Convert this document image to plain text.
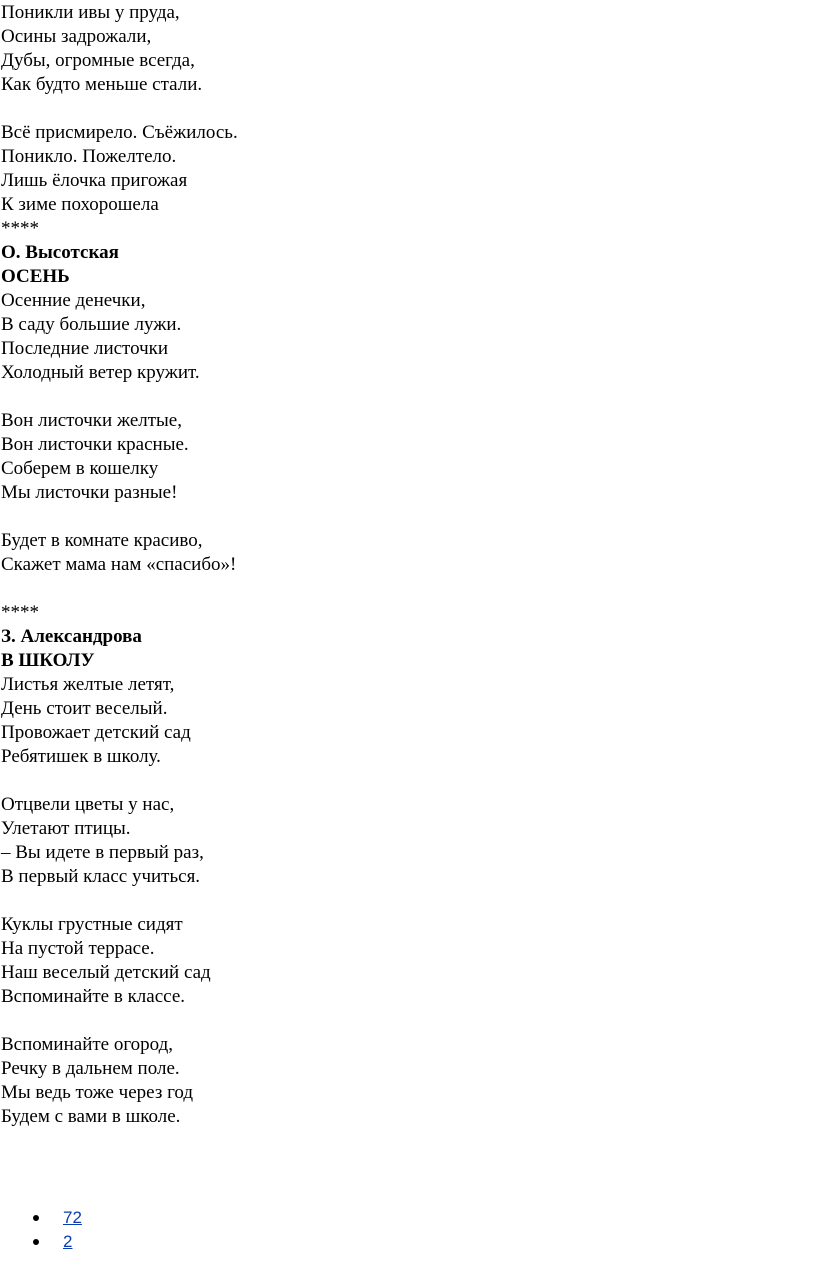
Поникли ивы у пруда,
Осины задрожали,
Дубы, огромные всегда,
Как будто меньше стали.
Всё присмирело. Съёжилось.
Поникло. Пожелтело.
Лишь ёлочка пригожая
К зиме похорошела
****
О. Высотская
ОСЕНЬ
Осенние денечки,
В саду большие лужи.
Последние листочки
Холодный ветер кружит.
Вон листочки желтые,
Вон листочки красные.
Соберем в кошелку
Мы листочки разные!
Будет в комнате красиво,
Скажет мама нам «спасибо»!
****
З. Александрова
В ШКОЛУ
Листья желтые летят,
День стоит веселый.
Провожает детский сад
Ребятишек в школу.
Отцвели цветы у нас,
Улетают птицы.
– Вы идете в первый раз,
В первый класс учиться.
Куклы грустные сидят
На пустой террасе.
Наш веселый детский сад
Вспоминайте в классе.
Вспоминайте огород,
Речку в дальнем поле.
Мы ведь тоже через год
Будем с вами в школе.
72
2
